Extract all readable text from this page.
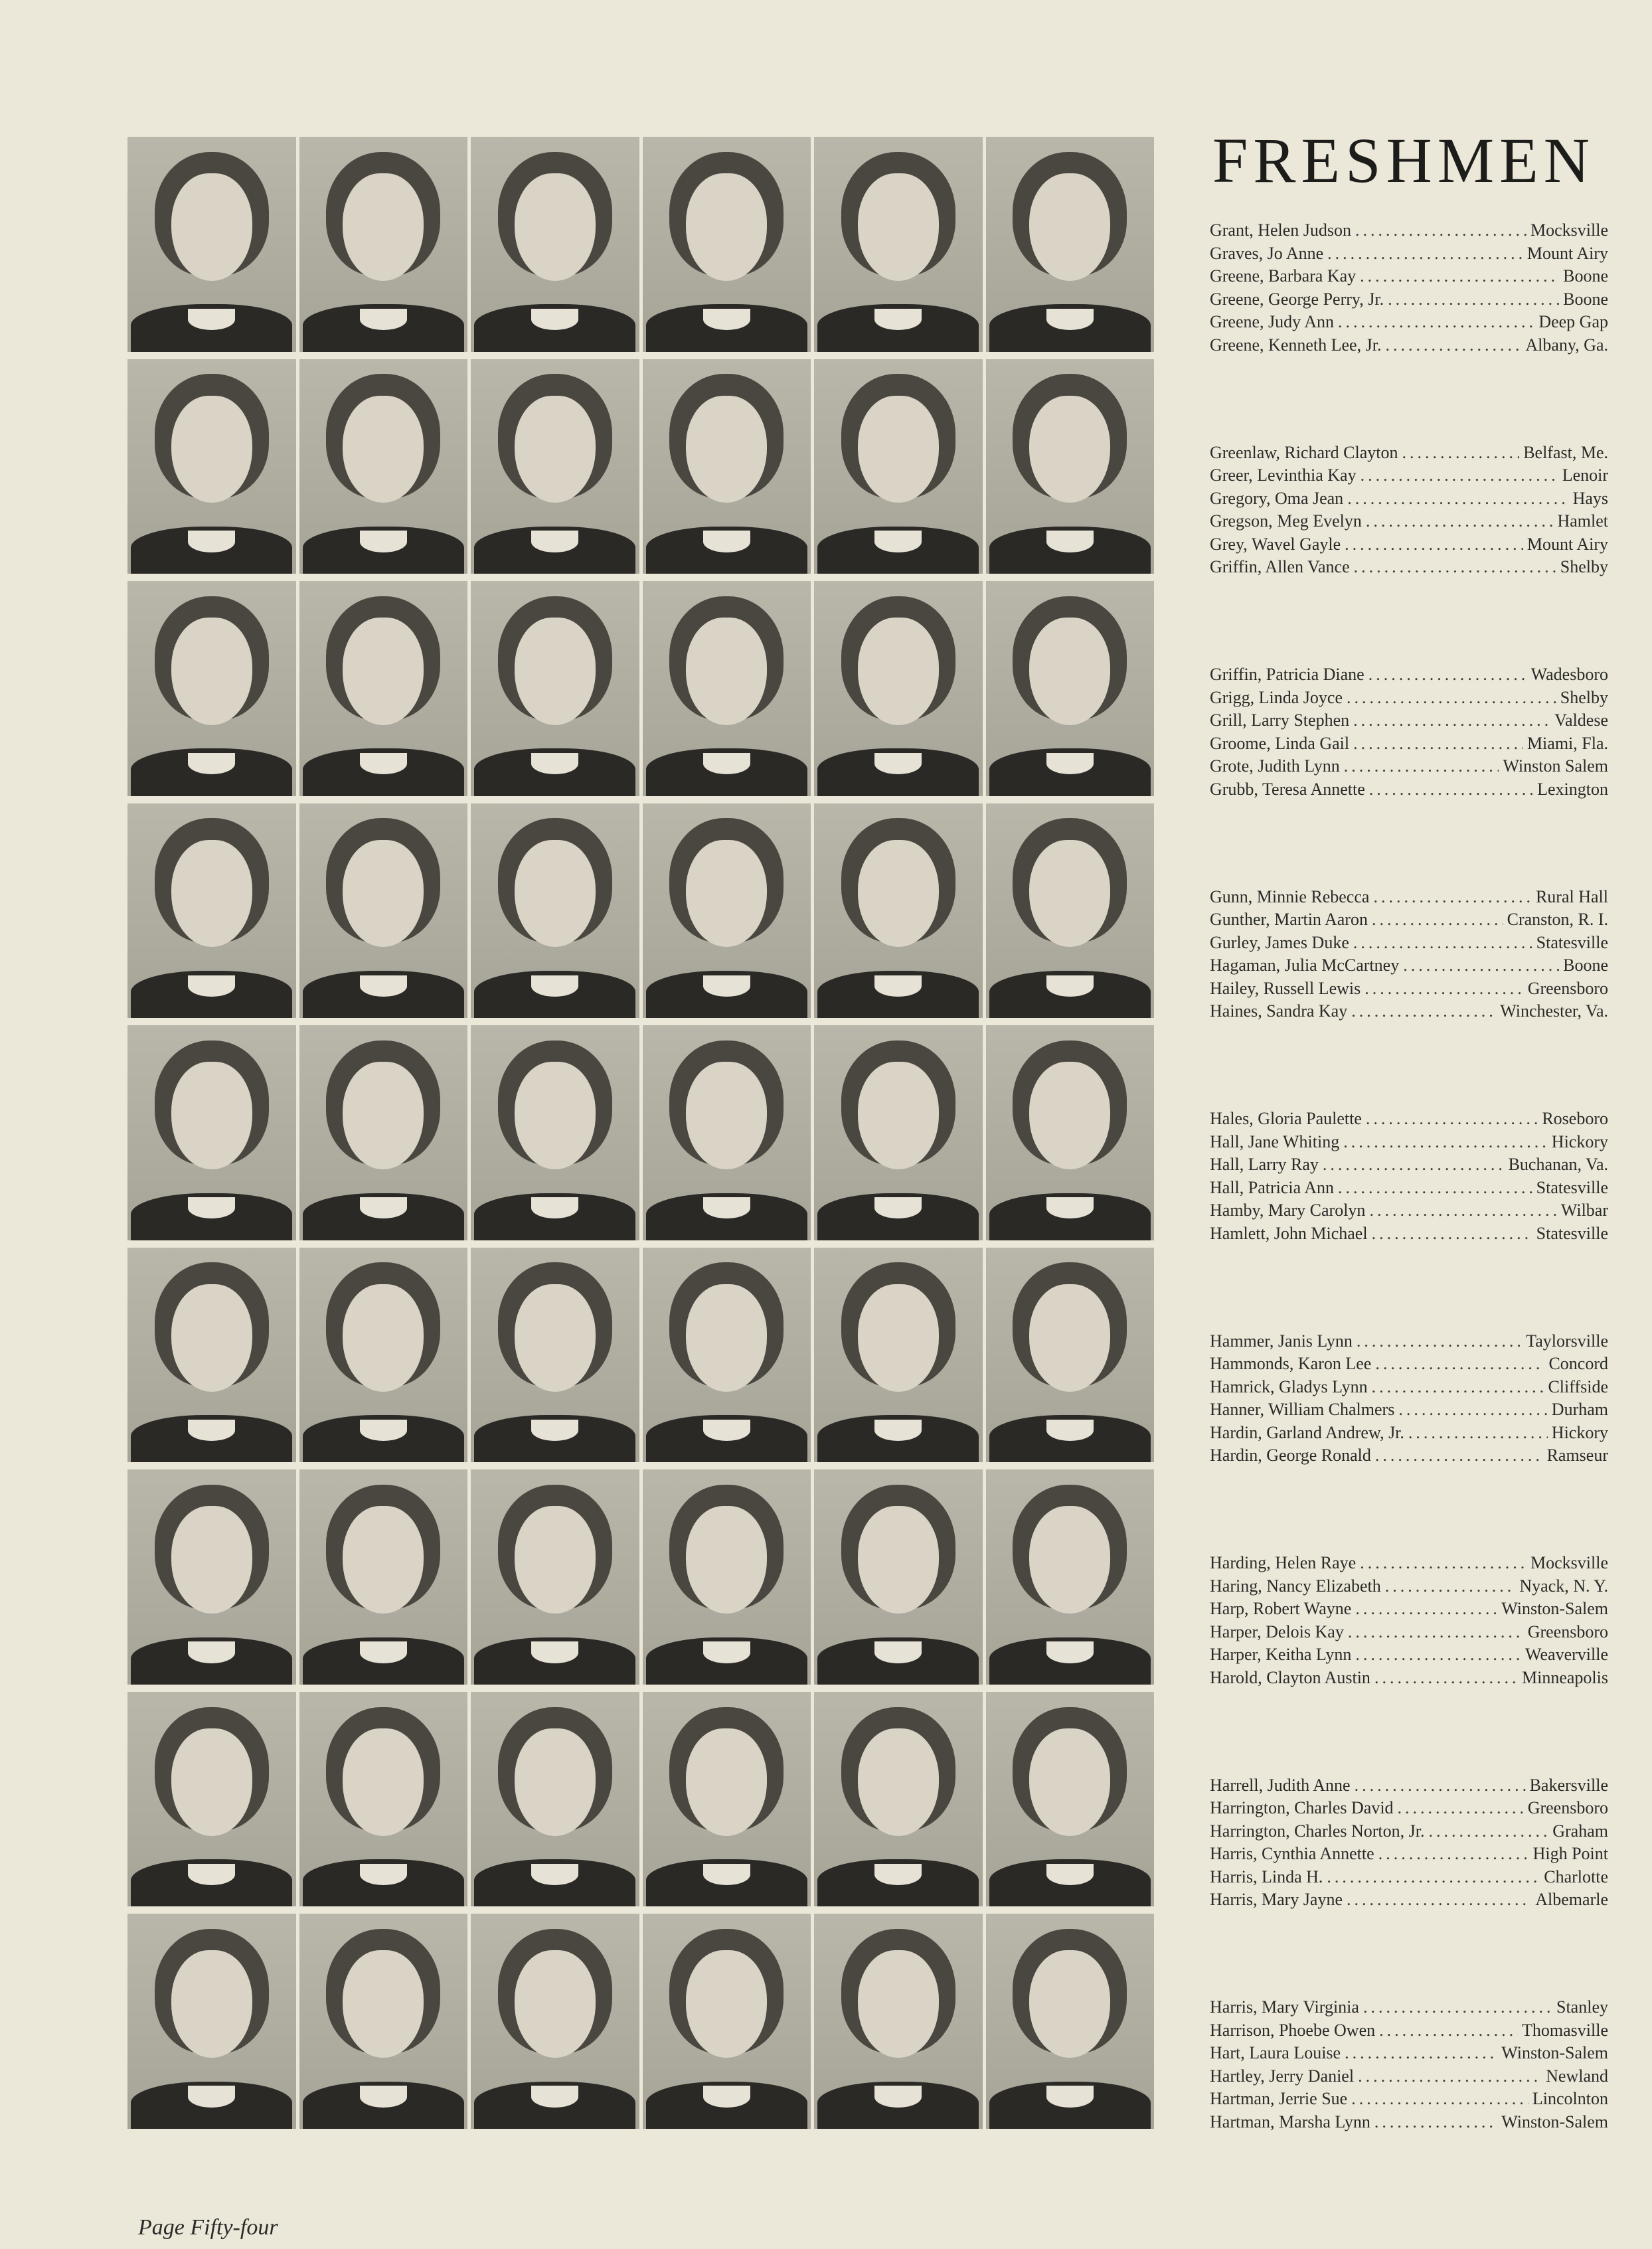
FRESHMEN
Grant, Helen Judson .....	Mocksville
Graves, Jo Anne .....	Mount Airy
Greene, Barbara Kay .....	Boone
Greene, George Perry, Jr. .....	Boone
Greene, Judy Ann .....	Deep Gap
Greene, Kenneth Lee, Jr. .....	Albany, Ga.
Greenlaw, Richard Clayton .....	Belfast, Me.
Greer, Levinthia Kay .....	Lenoir
Gregory, Oma Jean .....	Hays
Gregson, Meg Evelyn .....	Hamlet
Grey, Wavel Gayle .....	Mount Airy
Griffin, Allen Vance .....	Shelby
Griffin, Patricia Diane .....	Wadesboro
Grigg, Linda Joyce .....	Shelby
Grill, Larry Stephen .....	Valdese
Groome, Linda Gail .....	Miami, Fla.
Grote, Judith Lynn .....	Winston Salem
Grubb, Teresa Annette .....	Lexington
Gunn, Minnie Rebecca .....	Rural Hall
Gunther, Martin Aaron .....	Cranston, R. I.
Gurley, James Duke .....	Statesville
Hagaman, Julia McCartney .....	Boone
Hailey, Russell Lewis .....	Greensboro
Haines, Sandra Kay .....	Winchester, Va.
Hales, Gloria Paulette .....	Roseboro
Hall, Jane Whiting .....	Hickory
Hall, Larry Ray .....	Buchanan, Va.
Hall, Patricia Ann .....	Statesville
Hamby, Mary Carolyn .....	Wilbar
Hamlett, John Michael .....	Statesville
Hammer, Janis Lynn .....	Taylorsville
Hammonds, Karon Lee .....	Concord
Hamrick, Gladys Lynn .....	Cliffside
Hanner, William Chalmers .....	Durham
Hardin, Garland Andrew, Jr. .....	Hickory
Hardin, George Ronald .....	Ramseur
Harding, Helen Raye .....	Mocksville
Haring, Nancy Elizabeth .....	Nyack, N. Y.
Harp, Robert Wayne .....	Winston-Salem
Harper, Delois Kay .....	Greensboro
Harper, Keitha Lynn .....	Weaverville
Harold, Clayton Austin .....	Minneapolis
Harrell, Judith Anne .....	Bakersville
Harrington, Charles David .....	Greensboro
Harrington, Charles Norton, Jr. .....	Graham
Harris, Cynthia Annette .....	High Point
Harris, Linda H. .....	Charlotte
Harris, Mary Jayne .....	Albemarle
Harris, Mary Virginia .....	Stanley
Harrison, Phoebe Owen .....	Thomasville
Hart, Laura Louise .....	Winston-Salem
Hartley, Jerry Daniel .....	Newland
Hartman, Jerrie Sue .....	Lincolnton
Hartman, Marsha Lynn .....	Winston-Salem
Page Fifty-four
